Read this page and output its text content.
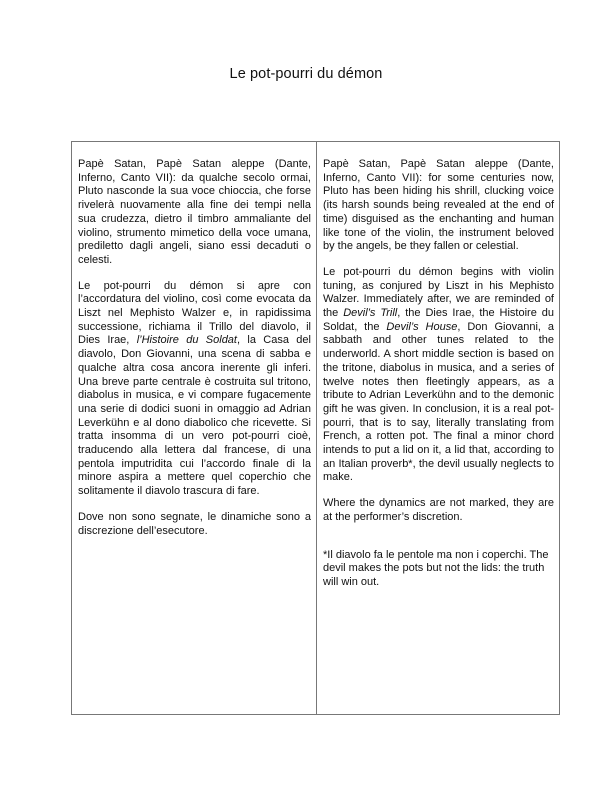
Le pot-pourri du démon

Papè Satan, Papè Satan aleppe (Dante, Inferno, Canto VII): da qualche secolo ormai, Pluto nasconde la sua voce chioccia, che forse rivelerà nuovamente alla fine dei tempi nella sua crudezza, dietro il timbro ammaliante del violino, strumento mimetico della voce umana, prediletto dagli angeli, siano essi decaduti o celesti.

Le pot-pourri du démon si apre con l’accordatura del violino, così come evocata da Liszt nel Mephisto Walzer e, in rapidissima successione, richiama il Trillo del diavolo, il Dies Irae, l’Histoire du Soldat, la Casa del diavolo, Don Giovanni, una scena di sabba e qualche altra cosa ancora inerente gli inferi. Una breve parte centrale è costruita sul tritono, diabolus in musica, e vi compare fugacemente una serie di dodici suoni in omaggio ad Adrian Leverkühn e al dono diabolico che ricevette. Si tratta insomma di un vero pot-pourri cioè, traducendo alla lettera dal francese, di una pentola imputridita cui l’accordo finale di la minore aspira a mettere quel coperchio che solitamente il diavolo trascura di fare.

Dove non sono segnate, le dinamiche sono a discrezione dell’esecutore.

Papè Satan, Papè Satan aleppe (Dante, Inferno, Canto VII): for some centuries now, Pluto has been hiding his shrill, clucking voice (its harsh sounds being revealed at the end of time) disguised as the enchanting and human like tone of the violin, the instrument beloved by the angels, be they fallen or celestial.

Le pot-pourri du démon begins with violin tuning, as conjured by Liszt in his Mephisto Walzer. Immediately after, we are reminded of the Devil’s Trill, the Dies Irae, the Histoire du Soldat, the Devil’s House, Don Giovanni, a sabbath and other tunes related to the underworld. A short middle section is based on the tritone, diabolus in musica, and a series of twelve notes then fleetingly appears, as a tribute to Adrian Leverkühn and to the demonic gift he was given. In conclusion, it is a real pot-pourri, that is to say, literally translating from French, a rotten pot. The final a minor chord intends to put a lid on it, a lid that, according to an Italian proverb*, the devil usually neglects to make.

Where the dynamics are not marked, they are at the performer’s discretion.

*Il diavolo fa le pentole ma non i coperchi. The devil makes the pots but not the lids: the truth will win out.
